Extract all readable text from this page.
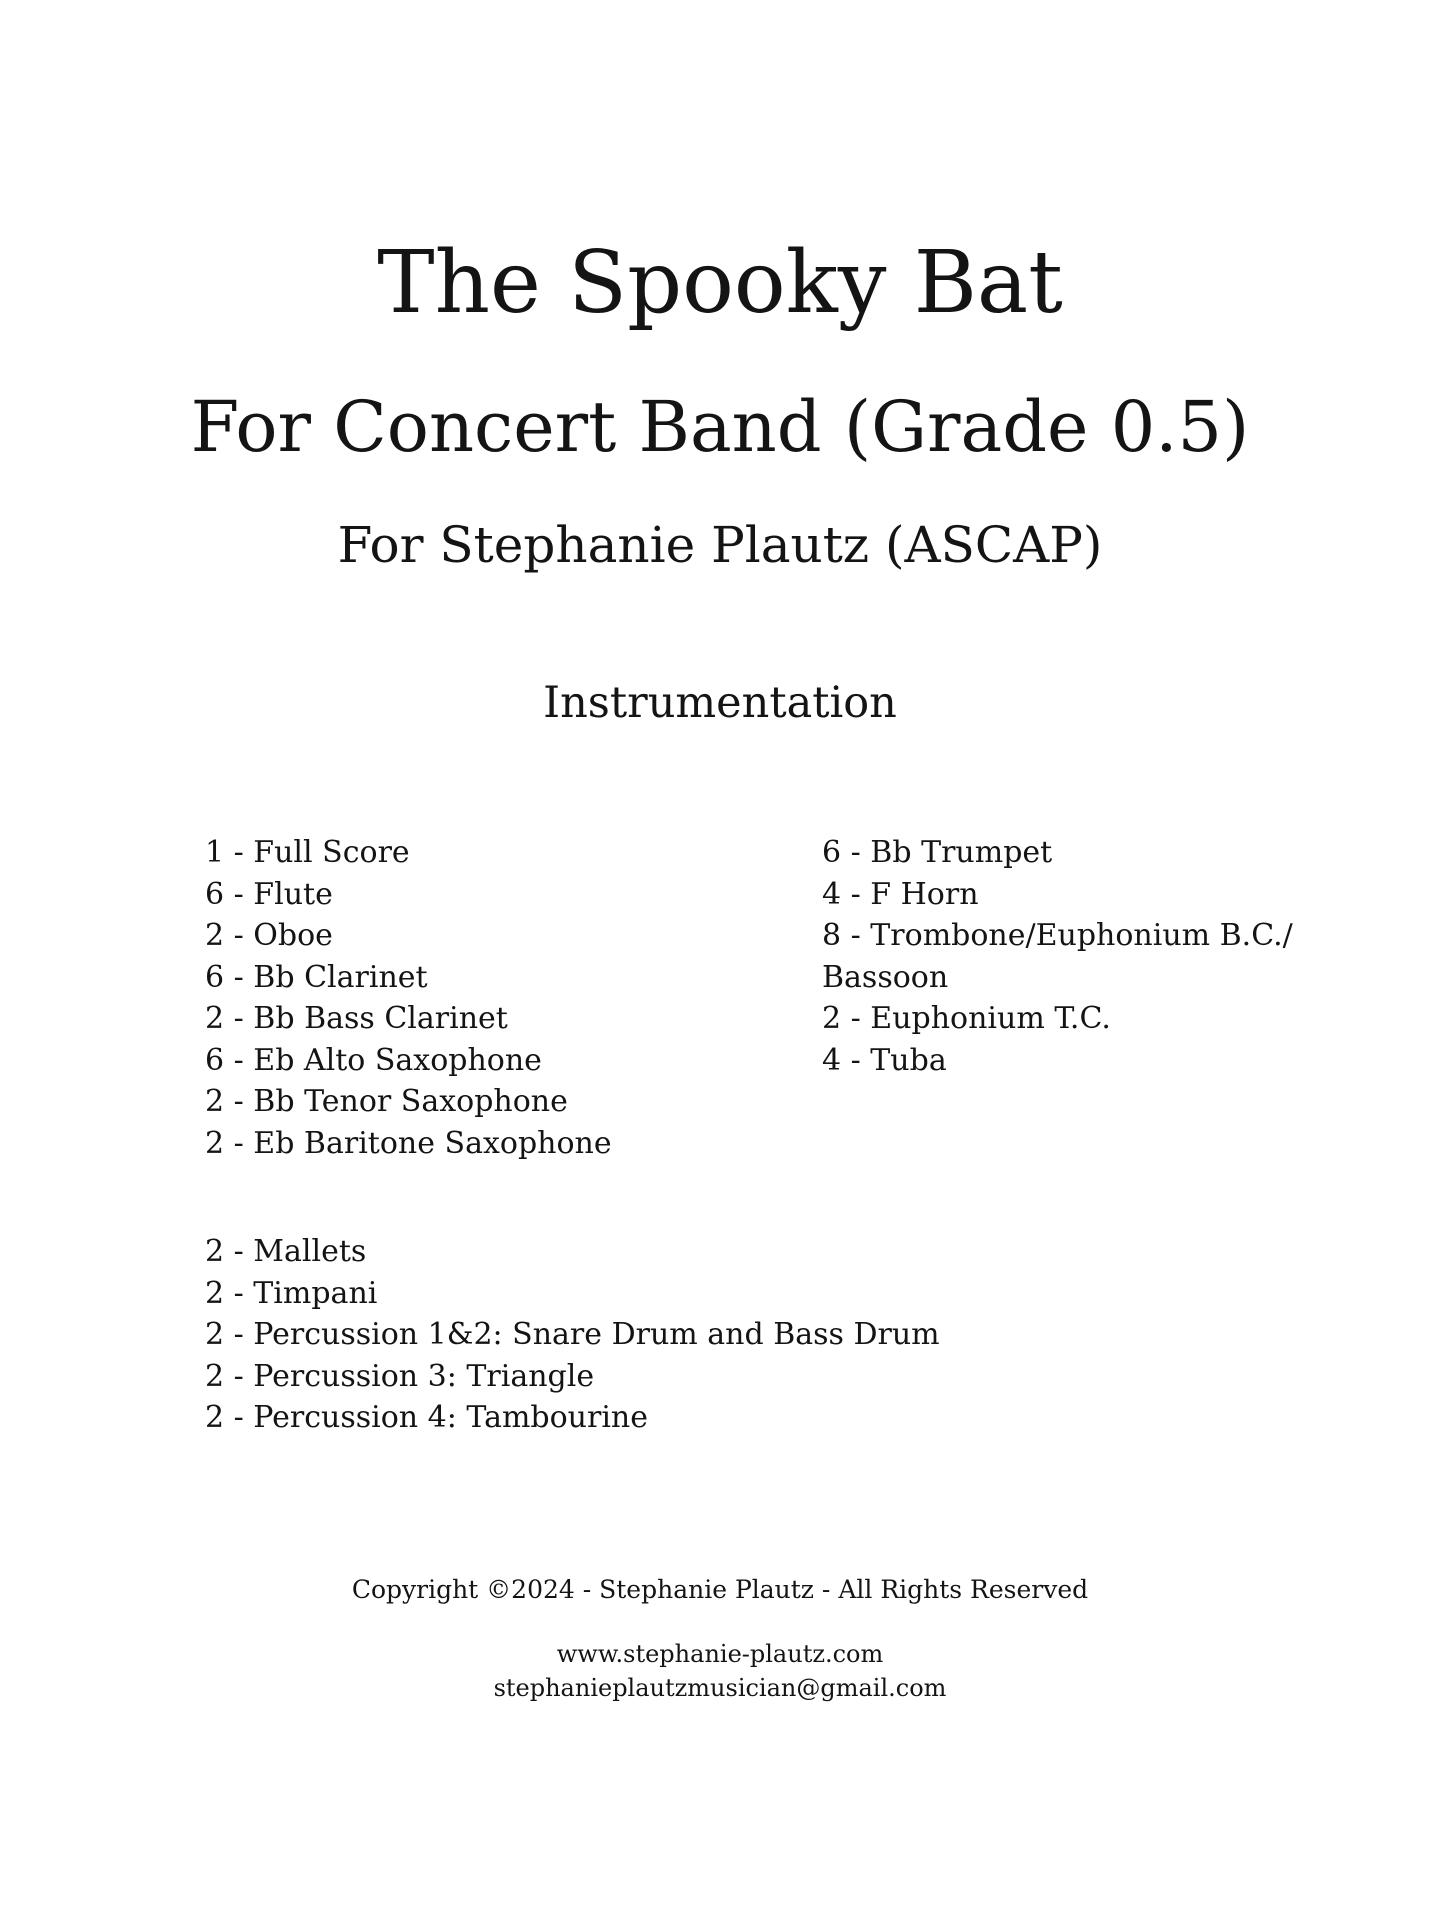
The Spooky Bat
For Concert Band (Grade 0.5)
For Stephanie Plautz (ASCAP)
Instrumentation
1 - Full Score
6 - Flute
2 - Oboe
6 - Bb Clarinet
2 - Bb Bass Clarinet
6 - Eb Alto Saxophone
2 - Bb Tenor Saxophone
2 - Eb Baritone Saxophone
6 - Bb Trumpet
4 - F Horn
8 - Trombone/Euphonium B.C./
Bassoon
2 - Euphonium T.C.
4 - Tuba
2 - Mallets
2 - Timpani
2 - Percussion 1&2: Snare Drum and Bass Drum
2 - Percussion 3: Triangle
2 - Percussion 4: Tambourine
Copyright ©2024 - Stephanie Plautz - All Rights Reserved
www.stephanie-plautz.com
stephanieplautzmusician@gmail.com
